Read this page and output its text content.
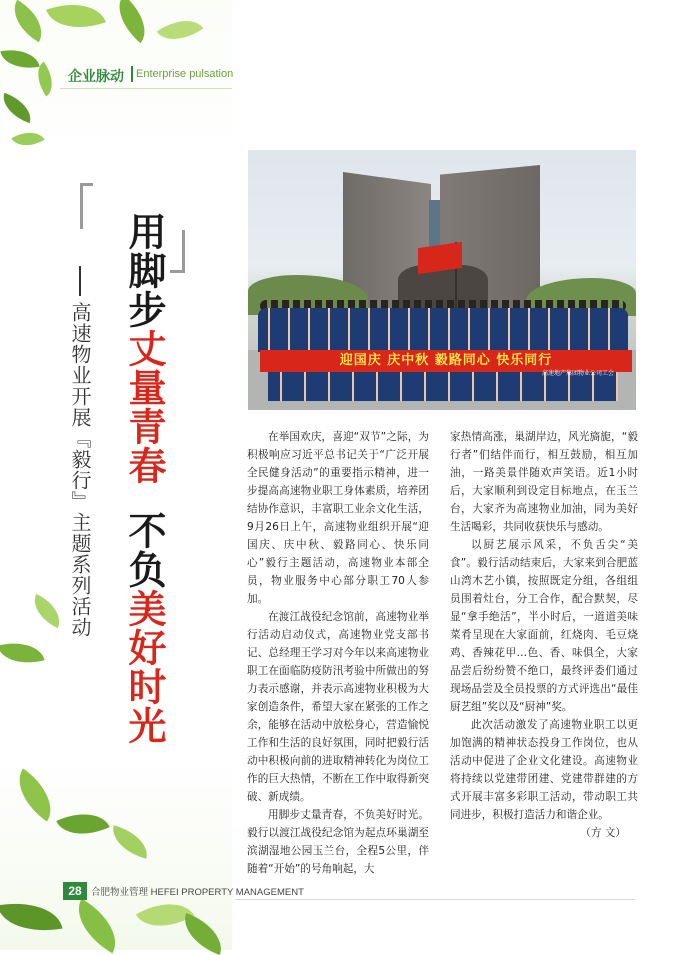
企业脉动 Enterprise pulsation
用脚步丈量青春不负美好时光
高速物业开展『毅行』主题系列活动	迎国庆 庆中秋 毅路同心 快乐同行
高速地产集团物业公司工会

在举国欢庆，喜迎“双节”之际，为积极响应习近平总书记关于“广泛开展全民健身活动”的重要指示精神，进一步提高高速物业职工身体素质，培养团结协作意识，丰富职工业余文化生活，9月26日上午，高速物业组织开展“迎国庆、庆中秋、毅路同心、快乐同心”毅行主题活动，高速物业本部全员，物业服务中心部分职工70人参加。

在渡江战役纪念馆前，高速物业举行活动启动仪式，高速物业党支部书记、总经理王学习对今年以来高速物业职工在面临防疫防汛考验中所做出的努力表示感谢，并表示高速物业积极为大家创造条件，希望大家在紧张的工作之余，能够在活动中放松身心，营造愉悦工作和生活的良好氛围，同时把毅行活动中积极向前的进取精神转化为岗位工作的巨大热情，不断在工作中取得新突破、新成绩。

用脚步丈量青春，不负美好时光。毅行以渡江战役纪念馆为起点环巢湖至滨湖湿地公园玉兰台，全程5公里，伴随着“开始”的号角响起，大

家热情高涨，巢湖岸边，风光旖旎，“毅行者”们结伴而行，相互鼓励，相互加油，一路美景伴随欢声笑语。近1小时后，大家顺利到设定目标地点，在玉兰台，大家齐为高速物业加油，同为美好生活喝彩，共同收获快乐与感动。

以厨艺展示风采，不负舌尖“美食”。毅行活动结束后，大家来到合肥蓝山湾木艺小镇，按照既定分组，各组组员围着灶台，分工合作，配合默契，尽显“拿手绝活”，半小时后，一道道美味菜肴呈现在大家面前，红烧肉、毛豆烧鸡、香辣花甲…色、香、味俱全，大家品尝后纷纷赞不绝口，最终评委们通过现场品尝及全员投票的方式评选出“最佳厨艺组”奖以及“厨神”奖。

此次活动激发了高速物业职工以更加饱满的精神状态投身工作岗位，也从活动中促进了企业文化建设。高速物业将持续以党建带团建、党建带群建的方式开展丰富多彩职工活动，带动职工共同进步，积极打造活力和谐企业。
（方 文）

28 合肥物业管理 HEFEI PROPERTY MANAGEMENT
